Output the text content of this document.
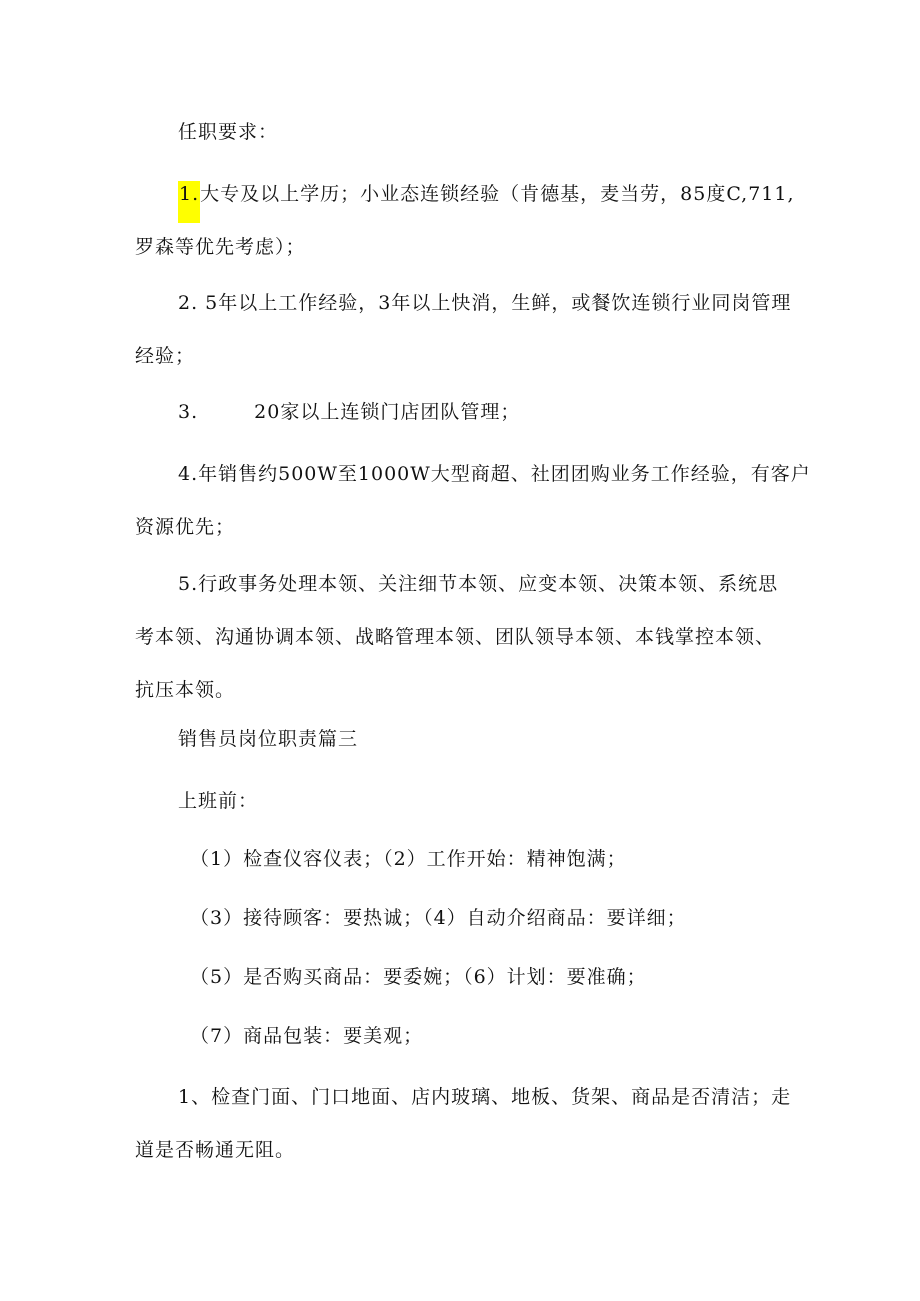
任职要求：
1.大专及以上学历；小业态连锁经验（肯德基，麦当劳，85度C,711,
罗森等优先考虑）；
2. 5年以上工作经验，3年以上快消，生鲜，或餐饮连锁行业同岗管理
经验；
3.	20家以上连锁门店团队管理；
4.年销售约500W至1000W大型商超、社团团购业务工作经验，有客户
资源优先；
5.行政事务处理本领、关注细节本领、应变本领、决策本领、系统思
考本领、沟通协调本领、战略管理本领、团队领导本领、本钱掌控本领、
抗压本领。
销售员岗位职责篇三
上班前：
（1）检查仪容仪表；（2）工作开始：精神饱满；
（3）接待顾客：要热诚；（4）自动介绍商品：要详细；
（5）是否购买商品：要委婉；（6）计划：要准确；
（7）商品包装：要美观；
1、检查门面、门口地面、店内玻璃、地板、货架、商品是否清洁；走
道是否畅通无阻。
